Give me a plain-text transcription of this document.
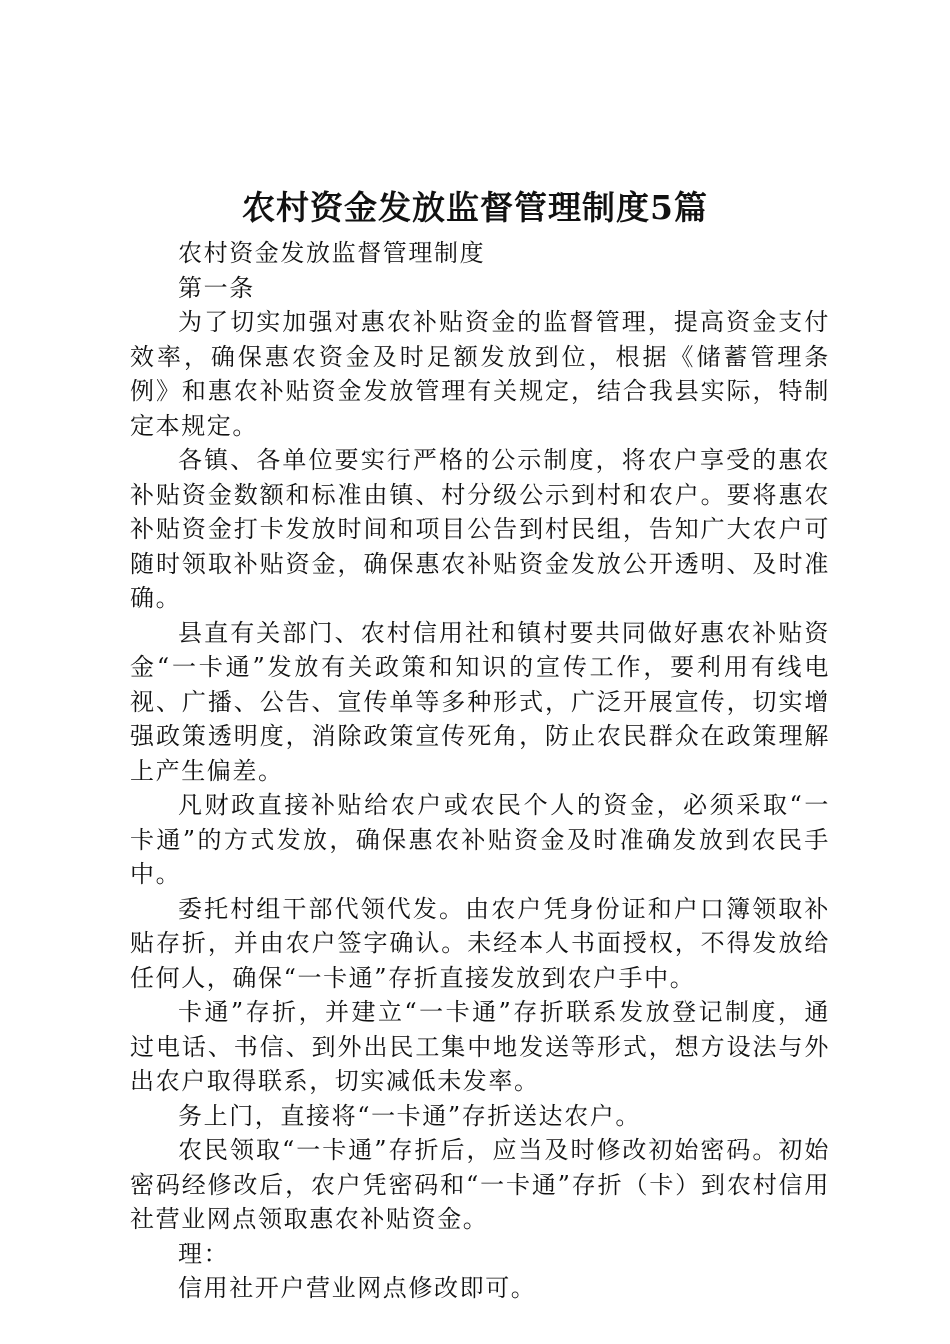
农村资金发放监督管理制度5篇

农村资金发放监督管理制度

第一条

为了切实加强对惠农补贴资金的监督管理，提高资金支付效率，确保惠农资金及时足额发放到位，根据《储蓄管理条例》和惠农补贴资金发放管理有关规定，结合我县实际，特制定本规定。

各镇、各单位要实行严格的公示制度，将农户享受的惠农补贴资金数额和标准由镇、村分级公示到村和农户。要将惠农补贴资金打卡发放时间和项目公告到村民组，告知广大农户可随时领取补贴资金，确保惠农补贴资金发放公开透明、及时准确。

县直有关部门、农村信用社和镇村要共同做好惠农补贴资金“一卡通”发放有关政策和知识的宣传工作，要利用有线电视、广播、公告、宣传单等多种形式，广泛开展宣传，切实增强政策透明度，消除政策宣传死角，防止农民群众在政策理解上产生偏差。

凡财政直接补贴给农户或农民个人的资金，必须采取“一卡通”的方式发放，确保惠农补贴资金及时准确发放到农民手中。

委托村组干部代领代发。由农户凭身份证和户口簿领取补贴存折，并由农户签字确认。未经本人书面授权，不得发放给任何人，确保“一卡通”存折直接发放到农户手中。

卡通”存折，并建立“一卡通”存折联系发放登记制度，通过电话、书信、到外出民工集中地发送等形式，想方设法与外出农户取得联系，切实减低未发率。

务上门，直接将“一卡通”存折送达农户。

农民领取“一卡通”存折后，应当及时修改初始密码。初始密码经修改后，农户凭密码和“一卡通”存折（卡）到农村信用社营业网点领取惠农补贴资金。

理：

信用社开户营业网点修改即可。
